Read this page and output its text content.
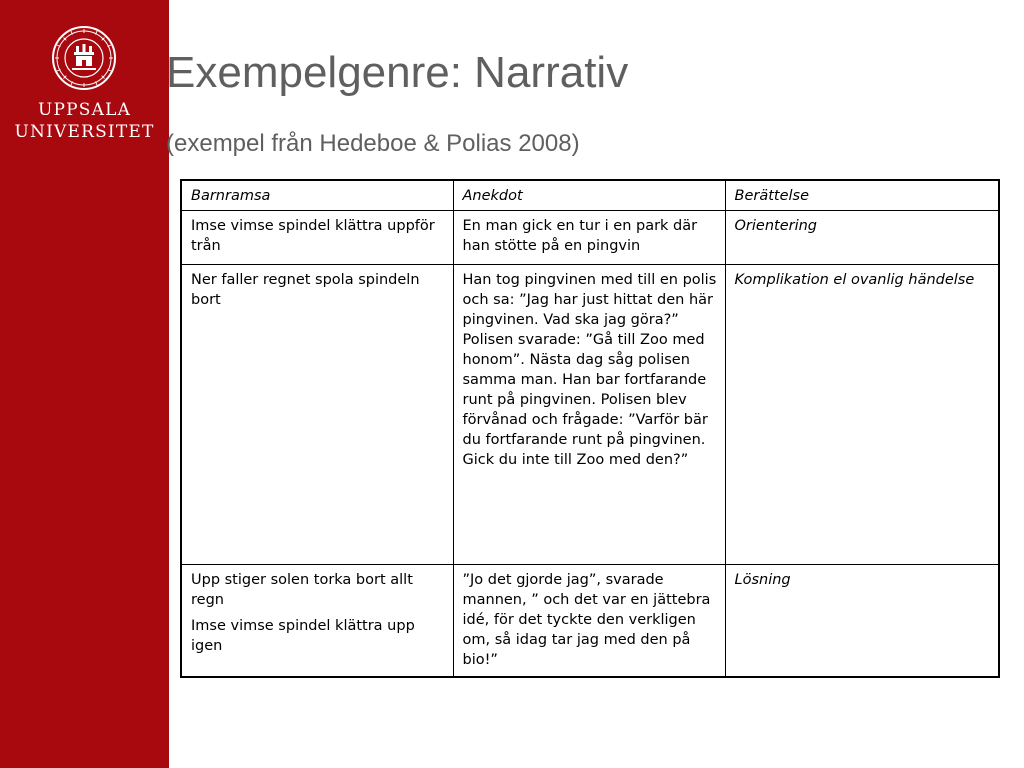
UPPSALA
UNIVERSITET
Exempelgenre: Narrativ
(exempel från Hedeboe & Polias 2008)
Barnramsa	Anekdot	Berättelse
Imse vimse spindel klättra uppför trån	En man gick en tur i en park där han stötte på en pingvin	Orientering
Ner faller regnet spola spindeln bort	Han tog pingvinen med till en polis och sa: ”Jag har just hittat den här pingvinen. Vad ska jag göra?” Polisen svarade: ”Gå till Zoo med honom”. Nästa dag såg polisen samma man. Han bar fortfarande runt på pingvinen. Polisen blev förvånad och frågade: ”Varför bär du fortfarande runt på pingvinen. Gick du inte till Zoo med den?”	Komplikation el ovanlig händelse

Upp stiger solen torka bort allt regn

Imse vimse spindel klättra upp igen	”Jo det gjorde jag”, svarade mannen, ” och det var en jättebra idé, för det tyckte den verkligen om, så idag tar jag med den på bio!”	Lösning
